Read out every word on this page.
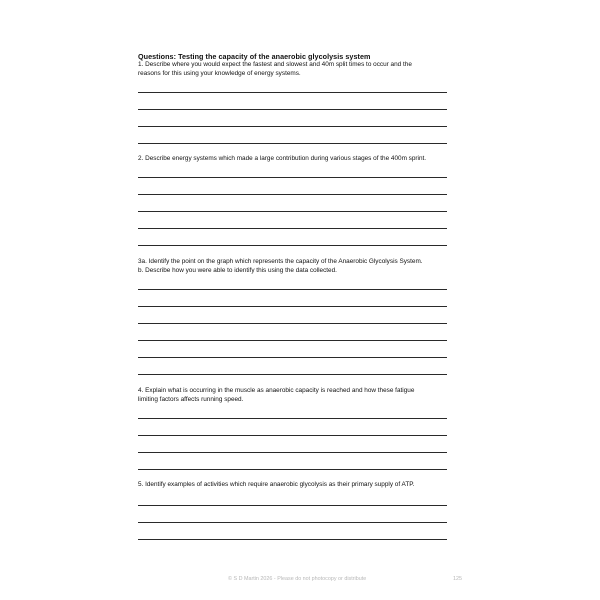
Questions: Testing the capacity of the anaerobic glycolysis system
1. Describe where you would expect the fastest and slowest and 40m split times to occur and the
reasons for this using your knowledge of energy systems.
2. Describe energy systems which made a large contribution during various stages of the 400m sprint.
3a. Identify the point on the graph which represents the capacity of the Anaerobic Glycolysis System.
b. Describe how you were able to identify this using the data collected.
4. Explain what is occurring in the muscle as anaerobic capacity is reached and how these fatigue
limiting factors affects running speed.
5. Identify examples of activities which require anaerobic glycolysis as their primary supply of ATP.
© S D Martin 2026 - Please do not photocopy or distribute	125
